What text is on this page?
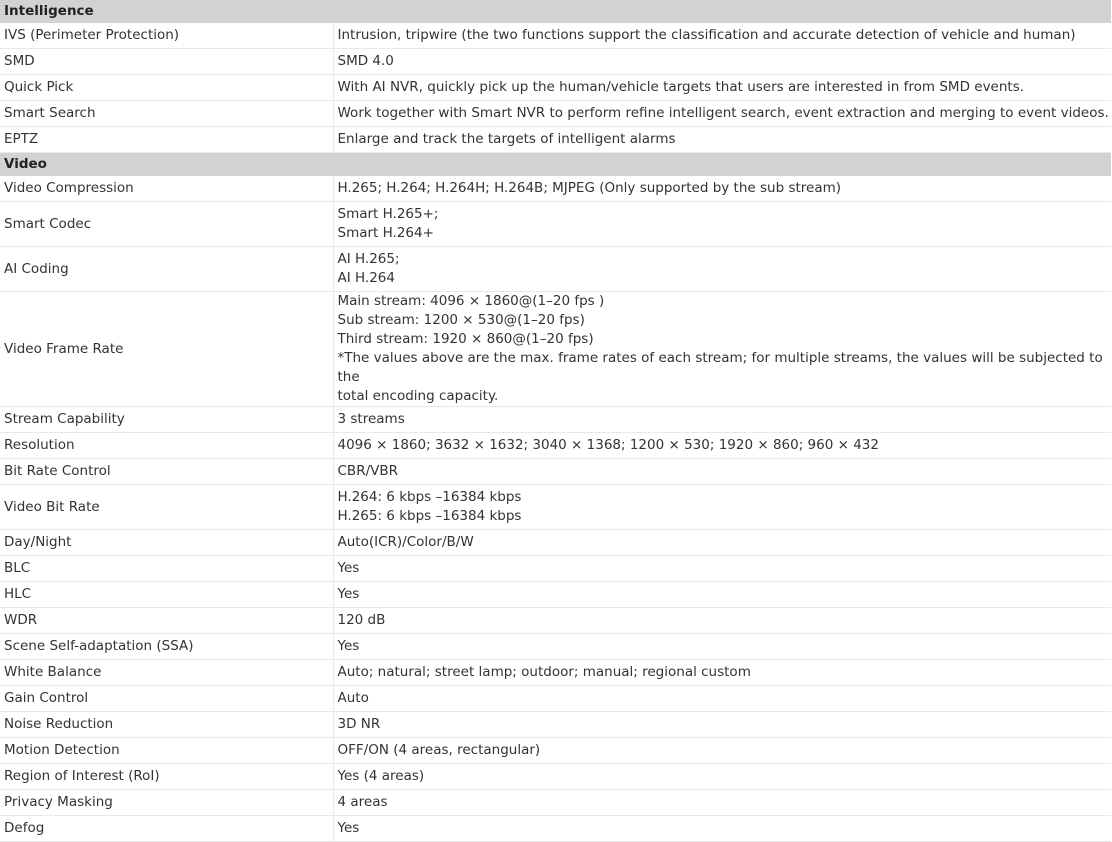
Intelligence	
IVS (Perimeter Protection)	Intrusion, tripwire (the two functions support the classification and accurate detection of vehicle and human)

SMD	SMD 4.0

Quick Pick	With AI NVR, quickly pick up the human/vehicle targets that users are interested in from SMD events.

Smart Search	Work together with Smart NVR to perform refine intelligent search, event extraction and merging to event videos.

EPTZ	Enlarge and track the targets of intelligent alarms

Video	
Video Compression	H.265; H.264; H.264H; H.264B; MJPEG (Only supported by the sub stream)

Smart Codec	Smart H.265+;
Smart H.264+

AI Coding	AI H.265;
AI H.264

Video Frame Rate	Main stream: 4096 × 1860@(1–20 fps )
Sub stream: 1200 × 530@(1–20 fps)
Third stream: 1920 × 860@(1–20 fps)
*The values above are the max. frame rates of each stream; for multiple streams, the values will be subjected to the
total encoding capacity.

Stream Capability	3 streams

Resolution	4096 × 1860; 3632 × 1632; 3040 × 1368; 1200 × 530; 1920 × 860; 960 × 432

Bit Rate Control	CBR/VBR

Video Bit Rate	H.264: 6 kbps –16384 kbps
H.265: 6 kbps –16384 kbps

Day/Night	Auto(ICR)/Color/B/W

BLC	Yes

HLC	Yes

WDR	120 dB

Scene Self-adaptation (SSA)	Yes

White Balance	Auto; natural; street lamp; outdoor; manual; regional custom

Gain Control	Auto

Noise Reduction	3D NR

Motion Detection	OFF/ON (4 areas, rectangular)

Region of Interest (RoI)	Yes (4 areas)

Privacy Masking	4 areas

Defog	Yes
